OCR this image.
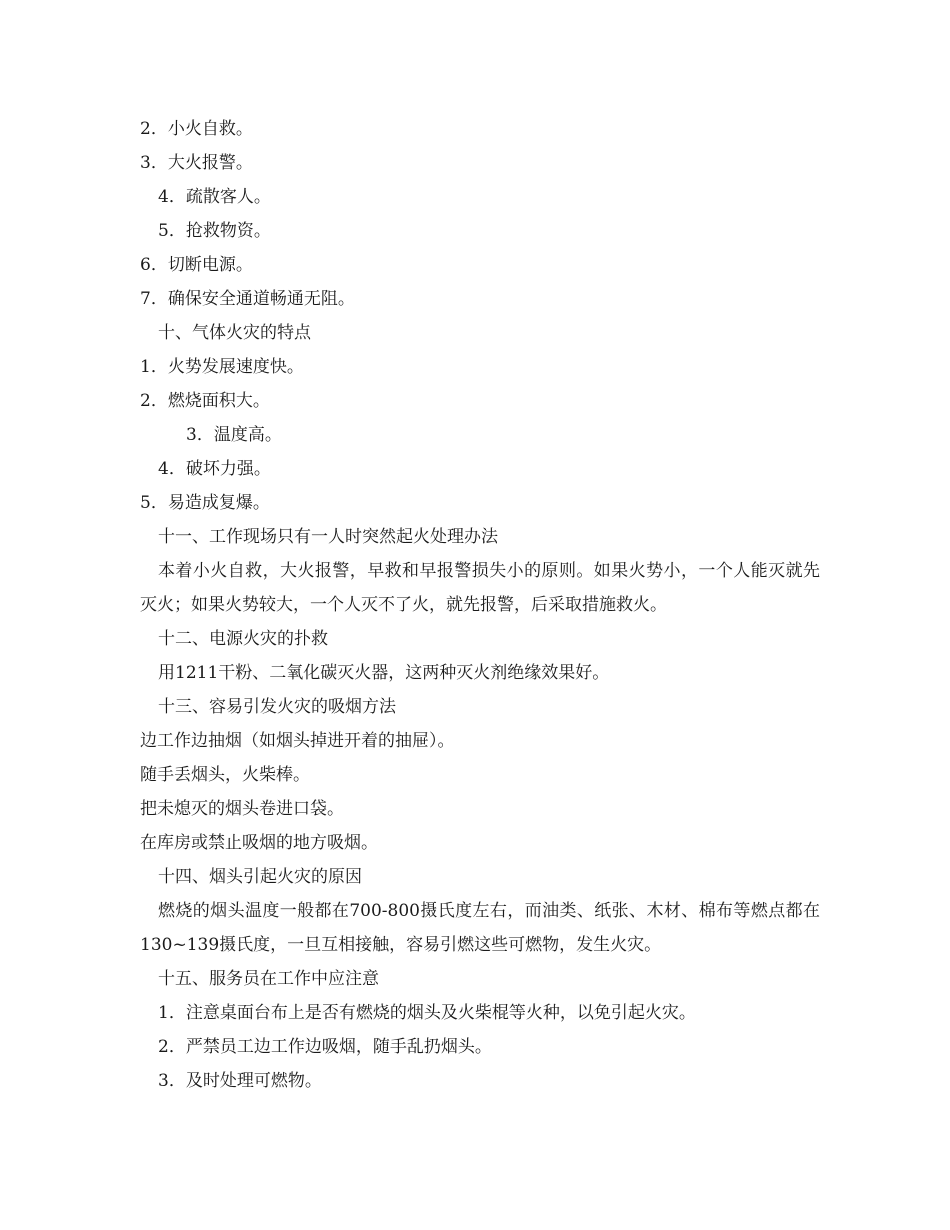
2．小火自救。
3．大火报警。
4．疏散客人。
5．抢救物资。
6．切断电源。
7．确保安全通道畅通无阻。
十、气体火灾的特点
1．火势发展速度快。
2．燃烧面积大。
3．温度高。
4．破坏力强。
5．易造成复爆。
十一、工作现场只有一人时突然起火处理办法
本着小火自救，大火报警，早救和早报警损失小的原则。如果火势小，一个人能灭就先灭火；如果火势较大，一个人灭不了火，就先报警，后采取措施救火。
十二、电源火灾的扑救
用1211干粉、二氧化碳灭火器，这两种灭火剂绝缘效果好。
十三、容易引发火灾的吸烟方法
边工作边抽烟（如烟头掉进开着的抽屉）。
随手丢烟头，火柴棒。
把未熄灭的烟头卷进口袋。
在库房或禁止吸烟的地方吸烟。
十四、烟头引起火灾的原因
燃烧的烟头温度一般都在700-800摄氏度左右，而油类、纸张、木材、棉布等燃点都在130~139摄氏度，一旦互相接触，容易引燃这些可燃物，发生火灾。
十五、服务员在工作中应注意
1．注意桌面台布上是否有燃烧的烟头及火柴棍等火种，以免引起火灾。
2．严禁员工边工作边吸烟，随手乱扔烟头。
3．及时处理可燃物。
